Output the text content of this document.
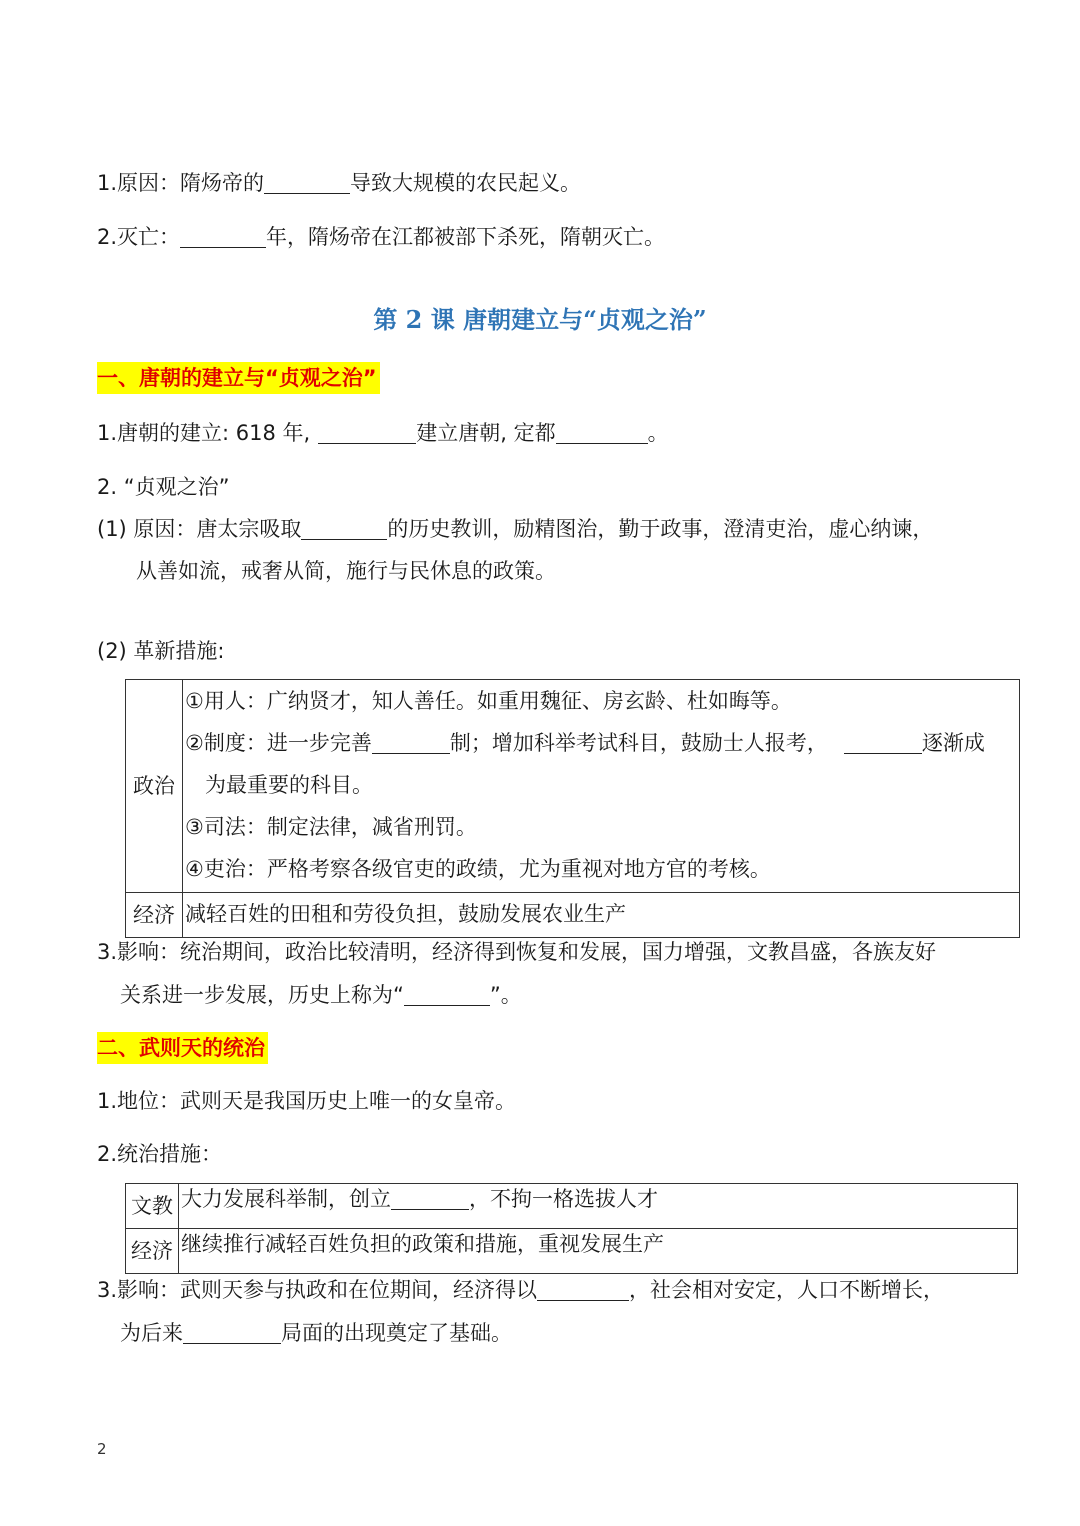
1.原因：隋炀帝的	导致大规模的农民起义。
2.灭亡：	年，隋炀帝在江都被部下杀死，隋朝灭亡。
第 2 课 唐朝建立与“贞观之治”
一、唐朝的建立与“贞观之治”
1.唐朝的建立: 618 年,	建立唐朝, 定都	。
2. “贞观之治”
(1) 原因：唐太宗吸取	的历史教训，励精图治，勤于政事，澄清吏治，虚心纳谏，
从善如流，戒奢从简，施行与民休息的政策。
(2) 革新措施:
政治	①用人：广纳贤才，知人善任。如重用魏征、房玄龄、杜如晦等。
②制度：进一步完善 制；增加科举考试科目，鼓励士人报考， 逐渐成
为最重要的科目。
③司法：制定法律，减省刑罚。
④吏治：严格考察各级官吏的政绩，尤为重视对地方官的考核。

经济	减轻百姓的田租和劳役负担，鼓励发展农业生产
3.影响：统治期间，政治比较清明，经济得到恢复和发展，国力增强，文教昌盛，各族友好
关系进一步发展，历史上称为“	”。
二、武则天的统治
1.地位：武则天是我国历史上唯一的女皇帝。
2.统治措施：
文教	大力发展科举制，创立 ，不拘一格选拔人才
经济	继续推行减轻百姓负担的政策和措施，重视发展生产
3.影响：武则天参与执政和在位期间，经济得以	，社会相对安定，人口不断增长，
为后来	局面的出现奠定了基础。
2
